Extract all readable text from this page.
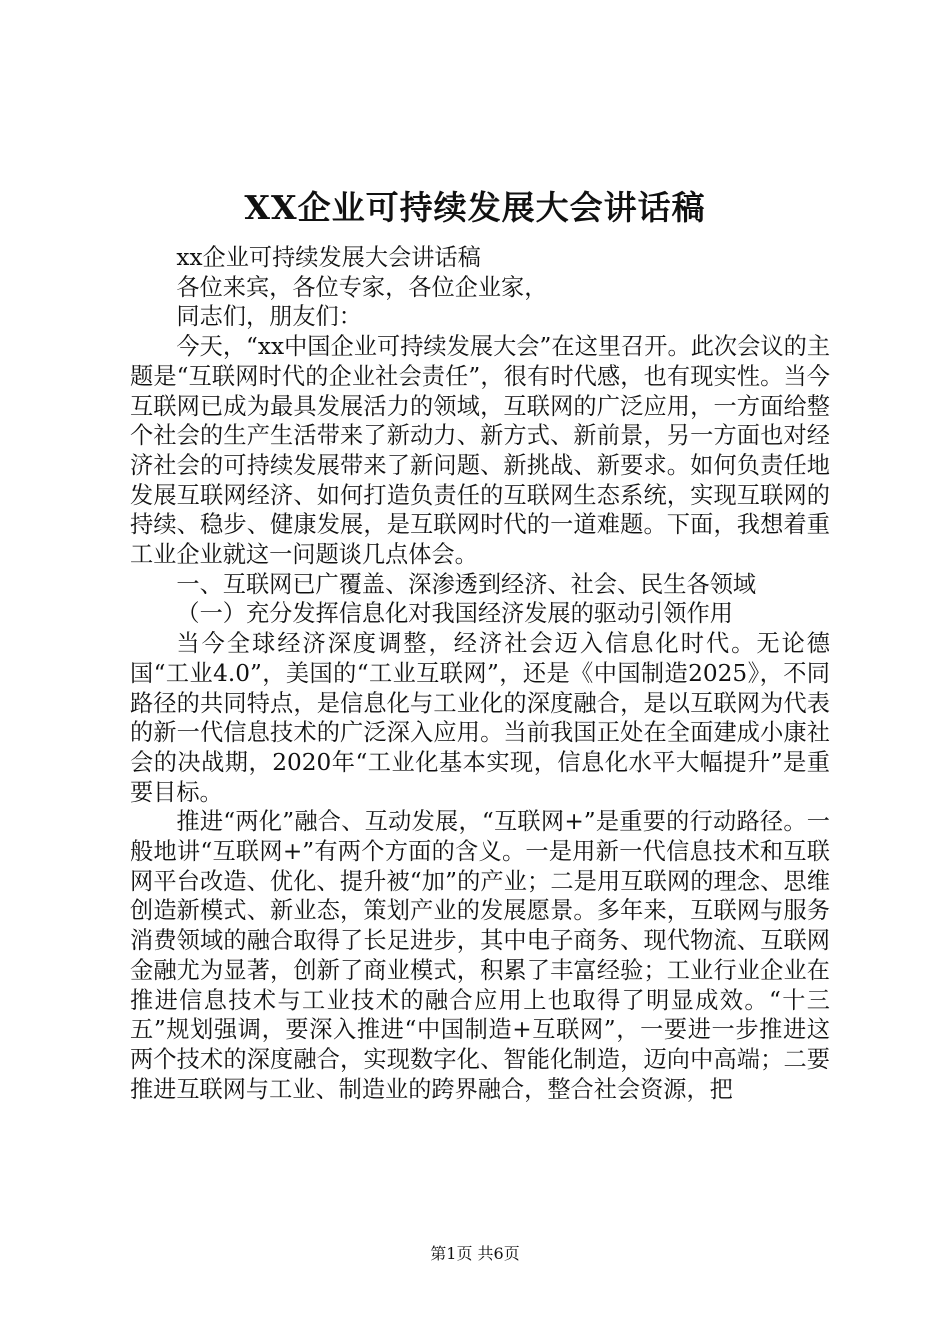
XX企业可持续发展大会讲话稿

xx企业可持续发展大会讲话稿

各位来宾，各位专家，各位企业家，

同志们，朋友们：

今天，“xx中国企业可持续发展大会”在这里召开。此次会议的主题是“互联网时代的企业社会责任”，很有时代感，也有现实性。当今互联网已成为最具发展活力的领域，互联网的广泛应用，一方面给整个社会的生产生活带来了新动力、新方式、新前景，另一方面也对经济社会的可持续发展带来了新问题、新挑战、新要求。如何负责任地发展互联网经济、如何打造负责任的互联网生态系统，实现互联网的持续、稳步、健康发展，是互联网时代的一道难题。下面，我想着重工业企业就这一问题谈几点体会。

一、互联网已广覆盖、深渗透到经济、社会、民生各领域

（一）充分发挥信息化对我国经济发展的驱动引领作用

当今全球经济深度调整，经济社会迈入信息化时代。无论德国“工业4.0”，美国的“工业互联网”，还是《中国制造2025》，不同路径的共同特点，是信息化与工业化的深度融合，是以互联网为代表的新一代信息技术的广泛深入应用。当前我国正处在全面建成小康社会的决战期，2020年“工业化基本实现，信息化水平大幅提升”是重要目标。

推进“两化”融合、互动发展，“互联网+”是重要的行动路径。一般地讲“互联网+”有两个方面的含义。一是用新一代信息技术和互联网平台改造、优化、提升被“加”的产业；二是用互联网的理念、思维创造新模式、新业态，策划产业的发展愿景。多年来，互联网与服务消费领域的融合取得了长足进步，其中电子商务、现代物流、互联网金融尤为显著，创新了商业模式，积累了丰富经验；工业行业企业在推进信息技术与工业技术的融合应用上也取得了明显成效。“十三五”规划强调，要深入推进“中国制造+互联网”，一要进一步推进这两个技术的深度融合，实现数字化、智能化制造，迈向中高端；二要推进互联网与工业、制造业的跨界融合，整合社会资源，把

第1页 共6页
